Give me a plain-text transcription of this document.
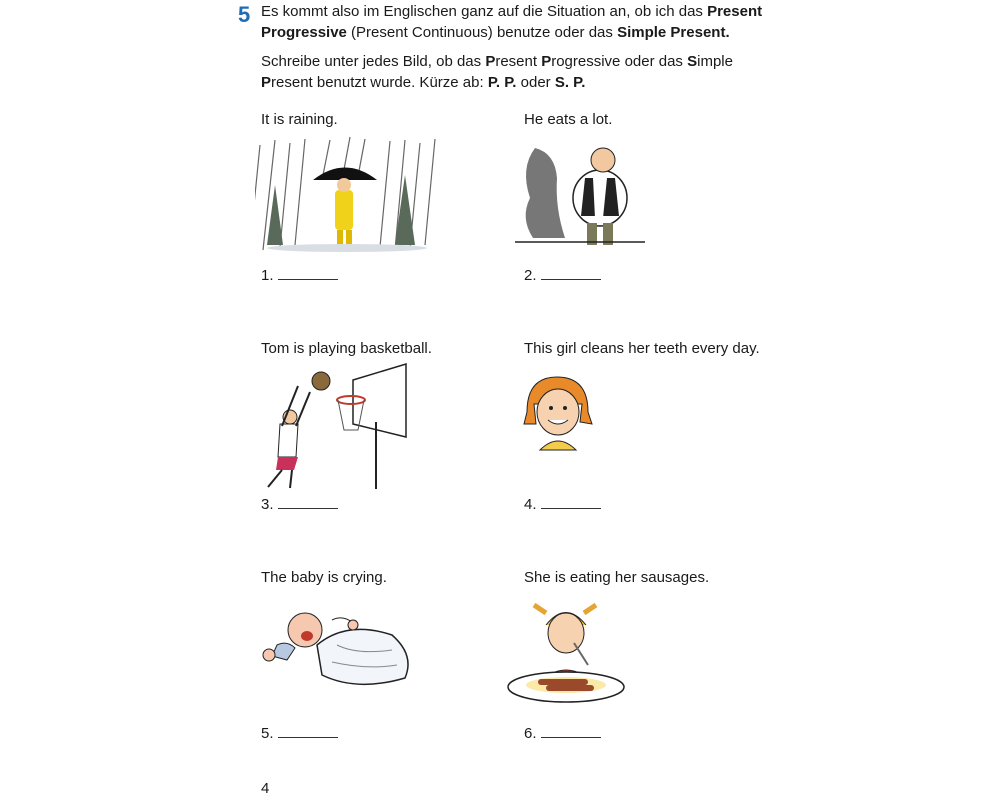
5 Es kommt also im Englischen ganz auf die Situation an, ob ich das Present Progressive (Present Continuous) benutze oder das Simple Present.
Schreibe unter jedes Bild, ob das Present Progressive oder das Simple Present benutzt wurde. Kürze ab: P. P. oder S. P.
It is raining.
1.
He eats a lot.
2.
Tom is playing basketball.
3.
This girl cleans her teeth every day.
4.
The baby is crying.
5.
She is eating her sausages.
6.
4
